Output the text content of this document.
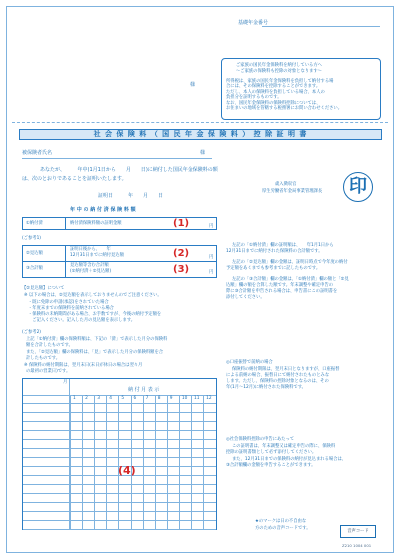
基礎年金番号
様
ご家族の国民年金保険料を納付している方へ
～ご家族の保険料も控除の対象となります～
所得税は、家族の国民年金保険料を負担して納付する場
合には、その保険料を控除することができます。
ただし、本人の保険料を負担している場合、本人の
負担分を証明するものです。
なお、国民年金保険料の保険料控除については、
お住まいの地域を管轄する税務署にお問い合わせください。
社 会 保 険 料 （ 国 民 年 金 保 険 料 ） 控 除 証 明 書
被保険者氏名	様
あなたが、　　　年中(1月1日から　　月　　日)に納付した国民年金保険料の額
は、次のとおりであることを証明いたします。
証明日　　　年　　月　　日
歳入徴収官
厚生労働省年金局事業管理課長	印
年 中 の 納 付 済 保 険 料 額
①納付済	納付済保険料額の証明金額	(1)	円
(ご参考1)
②見込額
証明日後から、　　年
12月31日までに納付見込額	(2)	円
③合計額
見込額等含む合計額
(①納付済＋②見込額)	(3)	円
【②見込額】について
※ 以下の場合は、②見込額を表示しておりませんのでご注意ください。
・既に免除の申請(承認)をされていた場合
・年度末までの保険料を前納されている場合
・保険料の未納期間がある場合、お手数ですが、今後の納付予定額を
　ご記入ください。記入した月の見込額を表示します。
(ご参考2)
上記「①納付済」欄の保険料額は、下記の「済」で表示した月分の保険料
額を合計したものです。
また、「②見込額」欄の保険料は、「見」で表示した月分の保険料額を合
計したものです。
※ 保険料の納付期限は、翌月末日(末日が休日の場合は翌々月
の最初の営業日)です。
月
納 付 月 表 示
1 2 3 4 5 6 7 8 9 10 11 12
(4)
左記の「①納付済」欄の証明額は、　　年1月1日から
12月31日までに納付された保険料の合計額です。
左記の「②見込額」欄の金額は、証明日時点で今年度の納付
予定額をあくまでも参考までに記したものです。
左記の「③合計額」欄の金額は、「①納付済」欄の額と「②見
込額」欄の額を合算した額です。年末調整や確定申告の
際に③合計額を申告される場合は、申告書にこの証明書を
添付してください。
◎口座振替で前納の場合
保険料の納付期限は、翌月末日となりますが、口座振替
による前納の場合、振替日にて納付されたものとみな
します。ただし、保険料の控除対象となるのは、その
年(1月～12月)に納付された保険料です。
◎社会保険料控除の申告にあたって
この証明書は、年末調整又は確定申告の際に、保険料
控除の証明書類として必ず添付してください。
また、12月31日までの保険料の納付が見込まれる場合は、
③合計額欄の金額を申告することができます。
★のマークは日の不自由な
方のための音声コードです。
音声コード
Z210 1004 001
